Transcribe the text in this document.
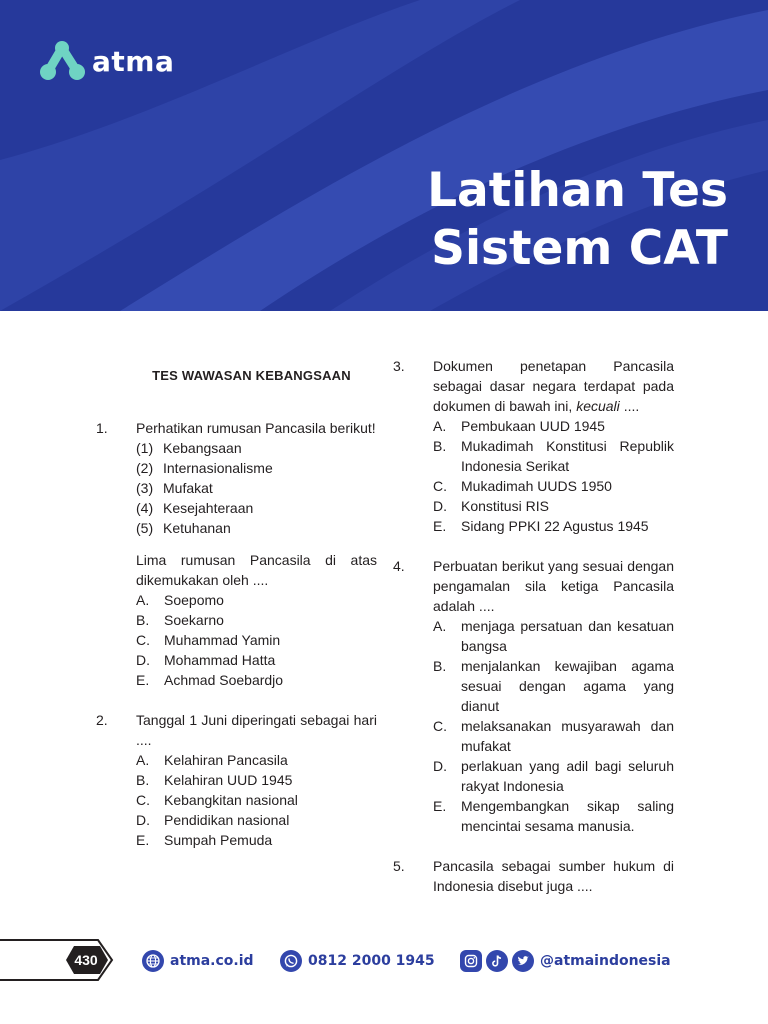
atma
Latihan Tes
Sistem CAT
TES WAWASAN KEBANGSAAN
1. Perhatikan rumusan Pancasila berikut!
(1) Kebangsaan
(2) Internasionalisme
(3) Mufakat
(4) Kesejahteraan
(5) Ketuhanan
Lima rumusan Pancasila di atas dikemukakan oleh ....
A. Soepomo
B. Soekarno
C. Muhammad Yamin
D. Mohammad Hatta
E. Achmad Soebardjo
2. Tanggal 1 Juni diperingati sebagai hari ....
A. Kelahiran Pancasila
B. Kelahiran UUD 1945
C. Kebangkitan nasional
D. Pendidikan nasional
E. Sumpah Pemuda
3. Dokumen penetapan Pancasila sebagai dasar negara terdapat pada dokumen di bawah ini, kecuali ....
A. Pembukaan UUD 1945
B. Mukadimah Konstitusi Republik Indonesia Serikat
C. Mukadimah UUDS 1950
D. Konstitusi RIS
E. Sidang PPKI 22 Agustus 1945
4. Perbuatan berikut yang sesuai dengan pengamalan sila ketiga Pancasila adalah ....
A. menjaga persatuan dan kesatuan bangsa
B. menjalankan kewajiban agama sesuai dengan agama yang dianut
C. melaksanakan musyarawah dan mufakat
D. perlakuan yang adil bagi seluruh rakyat Indonesia
E. Mengembangkan sikap saling mencintai sesama manusia.
5. Pancasila sebagai sumber hukum di Indonesia disebut juga ....
430	atma.co.id	0812 2000 1945	@atmaindonesia
